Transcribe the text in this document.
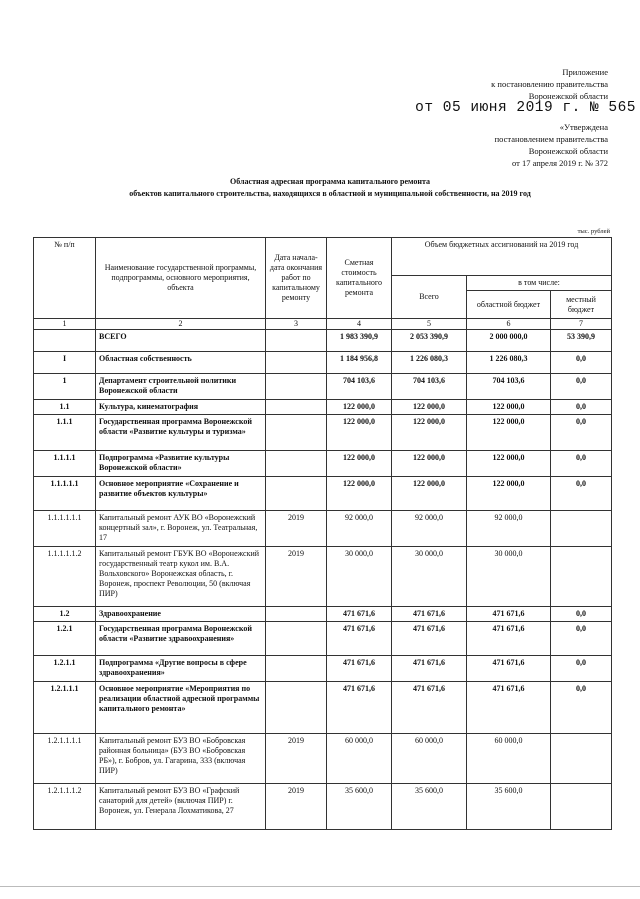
Приложение
к постановлению правительства
Воронежской области
от 05 июня 2019 г. № 565
«Утверждена
постановлением правительства
Воронежской области
от 17 апреля 2019 г. № 372
Областная адресная программа капитального ремонта
объектов капитального строительства, находящихся в областной и муниципальной собственности, на 2019 год
тыс. рублей
№ п/п	Наименование государственной программы, подпрограммы, основного мероприятия, объекта	Дата начала-дата окончания работ по капитальному ремонту	Сметная стоимость капитального ремонта	Объем бюджетных ассигнований на 2019 год		
				Всего	в том числе:	
					областной бюджет	местный бюджет
1	2	3	4	5	6	7
	ВСЕГО		1 983 390,9	2 053 390,9	2 000 000,0	53 390,9
I	Областная собственность		1 184 956,8	1 226 080,3	1 226 080,3	0,0
1	Департамент строительной политики Воронежской области		704 103,6	704 103,6	704 103,6	0,0
1.1	Культура, кинематография		122 000,0	122 000,0	122 000,0	0,0
1.1.1	Государственная программа Воронежской области «Развитие культуры и туризма»		122 000,0	122 000,0	122 000,0	0,0
1.1.1.1	Подпрограмма «Развитие культуры Воронежской области»		122 000,0	122 000,0	122 000,0	0,0
1.1.1.1.1	Основное мероприятие «Сохранение и развитие объектов культуры»		122 000,0	122 000,0	122 000,0	0,0
1.1.1.1.1.1	Капитальный ремонт АУК ВО «Воронежский концертный зал», г. Воронеж, ул. Театральная, 17	2019	92 000,0	92 000,0	92 000,0	
1.1.1.1.1.2	Капитальный ремонт ГБУК ВО «Воронежский государственный театр кукол им. В.А. Вольховского» Воронежская область, г. Воронеж, проспект Революции, 50 (включая ПИР)	2019	30 000,0	30 000,0	30 000,0	
1.2	Здравоохранение		471 671,6	471 671,6	471 671,6	0,0
1.2.1	Государственная программа Воронежской области «Развитие здравоохранения»		471 671,6	471 671,6	471 671,6	0,0
1.2.1.1	Подпрограмма «Другие вопросы в сфере здравоохранения»		471 671,6	471 671,6	471 671,6	0,0
1.2.1.1.1	Основное мероприятие «Мероприятия по реализации областной адресной программы капитального ремонта»		471 671,6	471 671,6	471 671,6	0,0
1.2.1.1.1.1	Капитальный ремонт БУЗ ВО «Бобровская районная больница» (БУЗ ВО «Бобровская РБ»), г. Бобров, ул. Гагарина, 333 (включая ПИР)	2019	60 000,0	60 000,0	60 000,0	
1.2.1.1.1.2	Капитальный ремонт БУЗ ВО «Графский санаторий для детей» (включая ПИР) г. Воронеж, ул. Генерала Лохматикова, 27	2019	35 600,0	35 600,0	35 600,0	
